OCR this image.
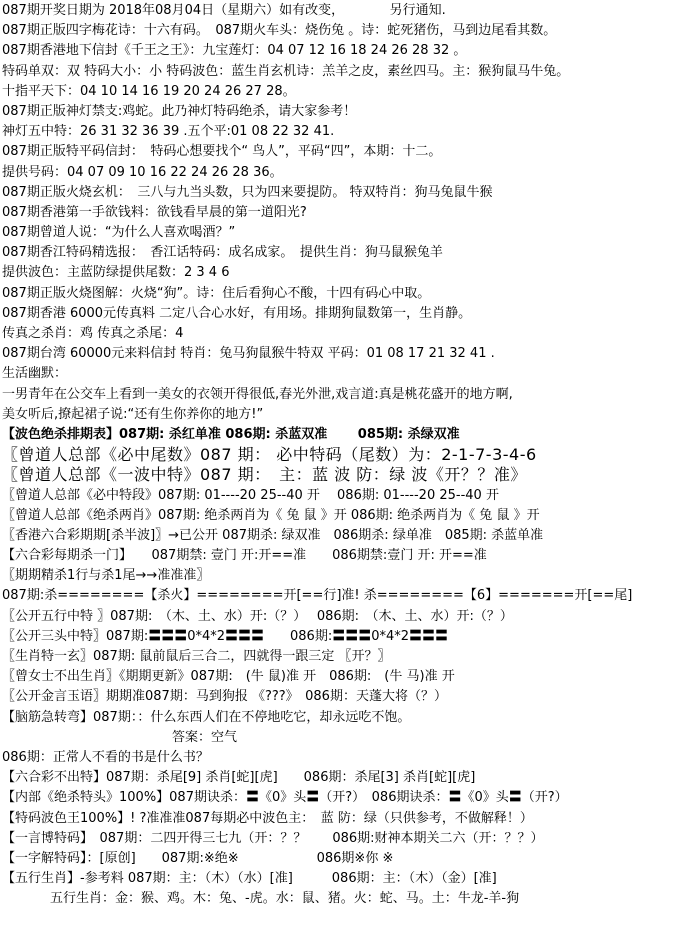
087期开奖日期为 2018年08月04日（星期六）如有改变，　　　　另行通知.
087期正版四字梅花诗：十六有码。　087期火车头：烧伤兔 。诗：蛇死猪伤，马到边尾看其数。
087期香港地下信封《千王之王》：九宝莲灯：04 07 12 16 18 24 26 28 32 。
特码单双：双 特码大小：小 特码波色：蓝生肖玄机诗：羔羊之皮，素丝四马。主：猴狗鼠马牛兔。
十指平天下：04 10 14 16 19 20 24 26 27 28。
087期正版神灯禁支:鸡蛇。此乃神灯特码绝杀，请大家参考！
神灯五中特：26 31 32 36 39 .五个平:01 08 22 32 41.
087期正版特平码信封：　特码心想要找个“ 鸟人”，平码“四”，本期：十二。
提供号码：04 07 09 10 16 22 24 26 28 36。
087期正版火烧玄机：　三八与九当头数，只为四来要提防。 特双特肖：狗马兔鼠牛猴
087期香港第一手欲钱料：欲钱看早晨的第一道阳光?
087期曾道人说：“为什么人喜欢喝酒？”
087期香江特码精选报：　香江话特码：成名成家。　提供生肖：狗马鼠猴兔羊
提供波色：主蓝防绿提供尾数：2 3 4 6
087期正版火烧图解：火烧“狗”。诗：住后看狗心不酸，十四有码心中取。
087期香港 6000元传真料 二定八合心水好，有用场。排期狗鼠数第一，生肖静。
传真之杀肖：鸡 传真之杀尾：4
087期台湾 60000元来料信封 特肖：兔马狗鼠猴牛特双 平码：01 08 17 21 32 41 .
生活幽默：
一男青年在公交车上看到一美女的衣领开得很低,春光外泄,戏言道:真是桃花盛开的地方啊,
美女听后,撩起裙子说:“还有生你养你的地方!”
【波色绝杀排期表】087期: 杀红单准 086期: 杀蓝双准　　 085期: 杀绿双准
〖曾道人总部《必中尾数》087 期： 必中特码（尾数）为：2-1-7-3-4-6
〖曾道人总部《一波中特》087 期：　主：蓝 波 防：绿 波《开？？准》
〖曾道人总部《必中特段》087期: 01----20 25--40 开　 086期: 01----20 25--40 开
〖曾道人总部《绝杀两肖》087期: 绝杀两肖为《 兔 鼠 》开 086期: 绝杀两肖为《 兔 鼠 》开
〖香港六合彩期期[杀半波]〗→已公开 087期杀: 绿双准　086期杀: 绿单准　085期: 杀蓝单准
【六合彩每期杀一门】　　087期禁: 壹门 开:开==准　　086期禁:壹门 开: 开==准
〖期期精杀1行与杀1尾→→准准准〗
087期:杀========【杀火】========开[==行]准! 杀========【6】=======开[==尾]
〖公开五行中特 〗087期:　（木、土、水）开:（？）　 086期:　（木、土、水）开:（？）
〖公开三头中特〗087期:〓〓〓0*4*2〓〓〓　　086期:〓〓〓0*4*2〓〓〓
〖生肖特一玄〗087期: 鼠前鼠后三合二，四就得一跟三定 〖开？〗
〖曾女士不出生肖〗《期期更新》087期:　(牛 鼠)准 开　086期:　(牛 马)准 开
〖公开金言玉语〗期期准087期：马到狗报 《???》　086期：天蓬大将（？）
【脑筋急转弯】087期：：什么东西人们在不停地吃它，却永远吃不饱。
答案：空气
086期：正常人不看的书是什么书？
【六合彩不出特】087期：杀尾[9] 杀肖[蛇][虎]　　086期：杀尾[3] 杀肖[蛇][虎]
【内部《绝杀特头》100%】087期诀杀：〓《0》头〓（开?）　086期诀杀：〓《0》头〓（开?）
【特码波色王100%】! ?准准准087每期必中波色主：　蓝 防：绿（只供参考，不做解释！）
【一言博特码】　087期：二四开得三七九（开：？？　　086期:财神本期关二六（开：？？）
【一字解特码】：[原创]　　087期:※绝※　　　　　　086期※你 ※
【五行生肖】-参考料 087期：主：（木）（水）[准]　　　086期：主：（木）（金）[准]
五行生肖：金：猴、鸡。木：兔、-虎。水：鼠、猪。火：蛇、马。土：牛龙-羊-狗
